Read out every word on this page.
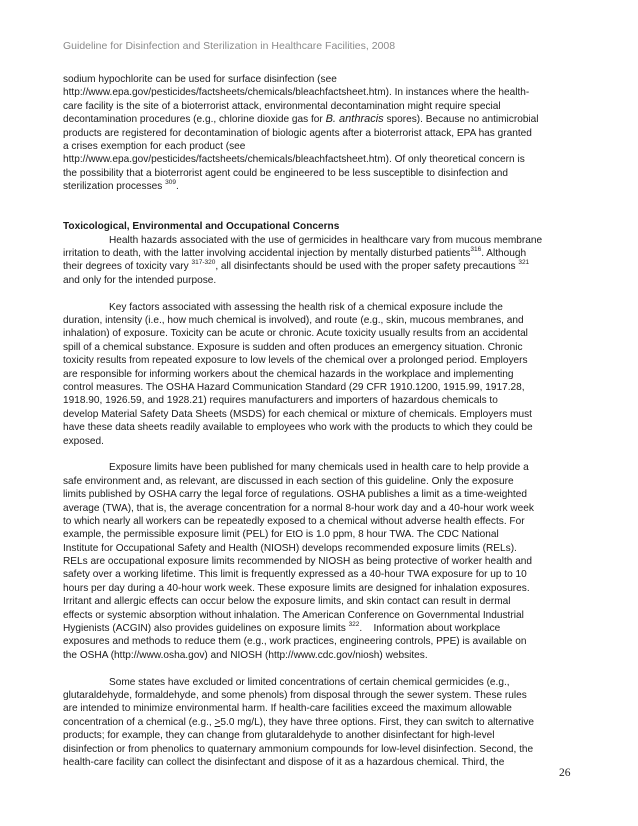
Guideline for Disinfection and Sterilization in Healthcare Facilities, 2008
sodium hypochlorite can be used for surface disinfection (see
http://www.epa.gov/pesticides/factsheets/chemicals/bleachfactsheet.htm). In instances where the health-
care facility is the site of a bioterrorist attack, environmental decontamination might require special
decontamination procedures (e.g., chlorine dioxide gas for B. anthracis spores). Because no antimicrobial
products are registered for decontamination of biologic agents after a bioterrorist attack, EPA has granted
a crises exemption for each product (see
http://www.epa.gov/pesticides/factsheets/chemicals/bleachfactsheet.htm). Of only theoretical concern is
the possibility that a bioterrorist agent could be engineered to be less susceptible to disinfection and
sterilization processes $^{309}$.
Toxicological, Environmental and Occupational Concerns
Health hazards associated with the use of germicides in healthcare vary from mucous membrane
irritation to death, with the latter involving accidental injection by mentally disturbed patients$^{316}$. Although
their degrees of toxicity vary $^{317-320}$, all disinfectants should be used with the proper safety precautions $^{321}$
and only for the intended purpose.
Key factors associated with assessing the health risk of a chemical exposure include the
duration, intensity (i.e., how much chemical is involved), and route (e.g., skin, mucous membranes, and
inhalation) of exposure. Toxicity can be acute or chronic. Acute toxicity usually results from an accidental
spill of a chemical substance. Exposure is sudden and often produces an emergency situation. Chronic
toxicity results from repeated exposure to low levels of the chemical over a prolonged period. Employers
are responsible for informing workers about the chemical hazards in the workplace and implementing
control measures. The OSHA Hazard Communication Standard (29 CFR 1910.1200, 1915.99, 1917.28,
1918.90, 1926.59, and 1928.21) requires manufacturers and importers of hazardous chemicals to
develop Material Safety Data Sheets (MSDS) for each chemical or mixture of chemicals. Employers must
have these data sheets readily available to employees who work with the products to which they could be
exposed.
Exposure limits have been published for many chemicals used in health care to help provide a
safe environment and, as relevant, are discussed in each section of this guideline. Only the exposure
limits published by OSHA carry the legal force of regulations. OSHA publishes a limit as a time-weighted
average (TWA), that is, the average concentration for a normal 8-hour work day and a 40-hour work week
to which nearly all workers can be repeatedly exposed to a chemical without adverse health effects. For
example, the permissible exposure limit (PEL) for EtO is 1.0 ppm, 8 hour TWA. The CDC National
Institute for Occupational Safety and Health (NIOSH) develops recommended exposure limits (RELs).
RELs are occupational exposure limits recommended by NIOSH as being protective of worker health and
safety over a working lifetime. This limit is frequently expressed as a 40-hour TWA exposure for up to 10
hours per day during a 40-hour work week. These exposure limits are designed for inhalation exposures.
Irritant and allergic effects can occur below the exposure limits, and skin contact can result in dermal
effects or systemic absorption without inhalation. The American Conference on Governmental Industrial
Hygienists (ACGIN) also provides guidelines on exposure limits $^{322}$.    Information about workplace
exposures and methods to reduce them (e.g., work practices, engineering controls, PPE) is available on
the OSHA (http://www.osha.gov) and NIOSH (http://www.cdc.gov/niosh) websites.
Some states have excluded or limited concentrations of certain chemical germicides (e.g.,
glutaraldehyde, formaldehyde, and some phenols) from disposal through the sewer system. These rules
are intended to minimize environmental harm. If health-care facilities exceed the maximum allowable
concentration of a chemical (e.g., >5.0 mg/L), they have three options. First, they can switch to alternative
products; for example, they can change from glutaraldehyde to another disinfectant for high-level
disinfection or from phenolics to quaternary ammonium compounds for low-level disinfection. Second, the
health-care facility can collect the disinfectant and dispose of it as a hazardous chemical. Third, the
26
